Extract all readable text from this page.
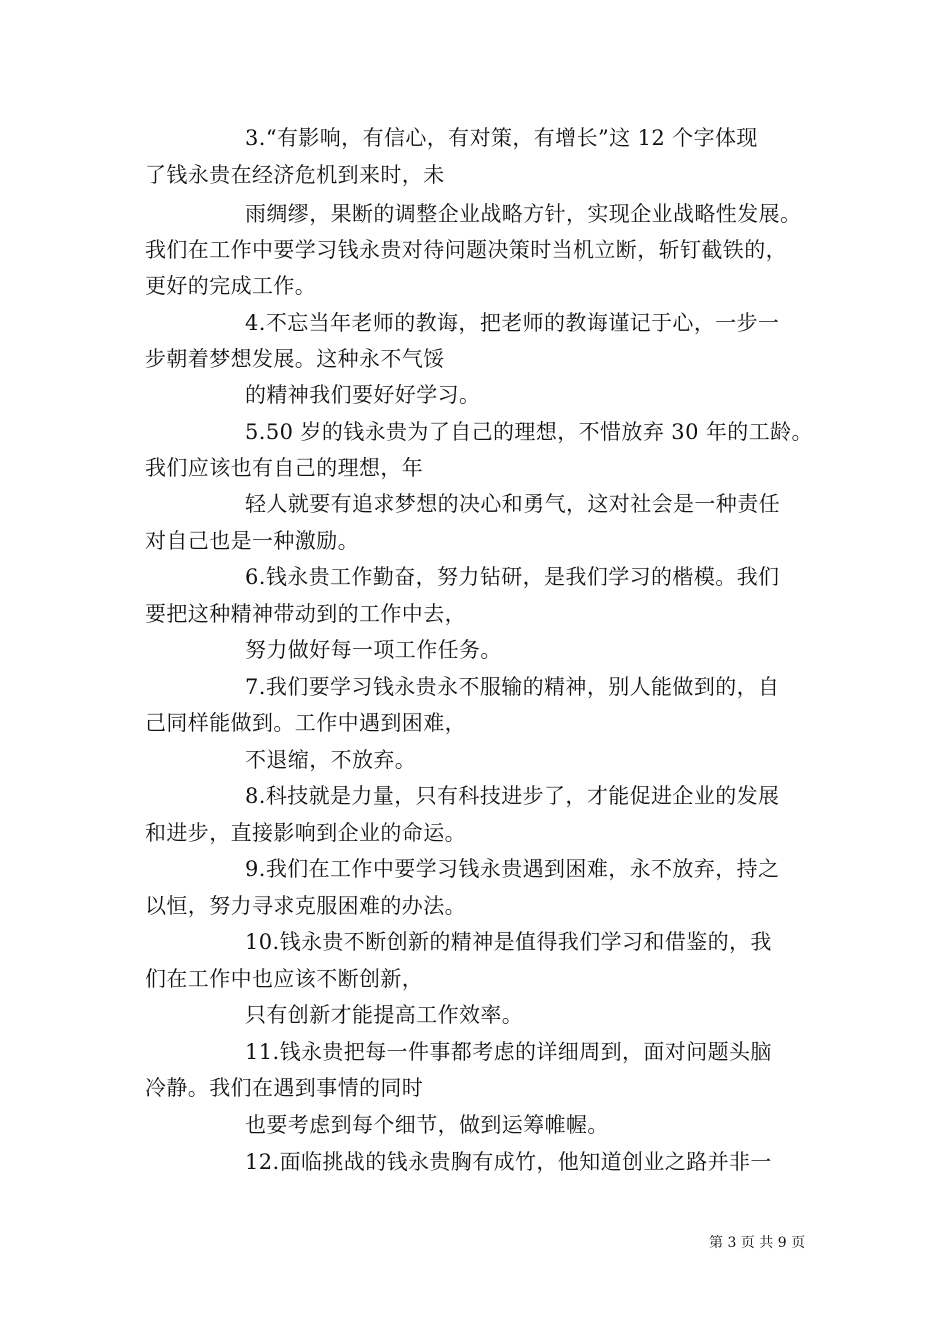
3.“有影响，有信心，有对策，有增长”这 12 个字体现
了钱永贵在经济危机到来时，未
雨绸缪，果断的调整企业战略方针，实现企业战略性发展。
我们在工作中要学习钱永贵对待问题决策时当机立断，斩钉截铁的，
更好的完成工作。
4.不忘当年老师的教诲，把老师的教诲谨记于心，一步一
步朝着梦想发展。这种永不气馁
的精神我们要好好学习。
5.50 岁的钱永贵为了自己的理想，不惜放弃 30 年的工龄。
我们应该也有自己的理想，年
轻人就要有追求梦想的决心和勇气，这对社会是一种责任
对自己也是一种激励。
6.钱永贵工作勤奋，努力钻研，是我们学习的楷模。我们
要把这种精神带动到的工作中去，
努力做好每一项工作任务。
7.我们要学习钱永贵永不服输的精神，别人能做到的，自
己同样能做到。工作中遇到困难，
不退缩，不放弃。
8.科技就是力量，只有科技进步了，才能促进企业的发展
和进步，直接影响到企业的命运。
9.我们在工作中要学习钱永贵遇到困难，永不放弃，持之
以恒，努力寻求克服困难的办法。
10.钱永贵不断创新的精神是值得我们学习和借鉴的，我
们在工作中也应该不断创新，
只有创新才能提高工作效率。
11.钱永贵把每一件事都考虑的详细周到，面对问题头脑
冷静。我们在遇到事情的同时
也要考虑到每个细节，做到运筹帷幄。
12.面临挑战的钱永贵胸有成竹，他知道创业之路并非一
第 3 页 共 9 页
